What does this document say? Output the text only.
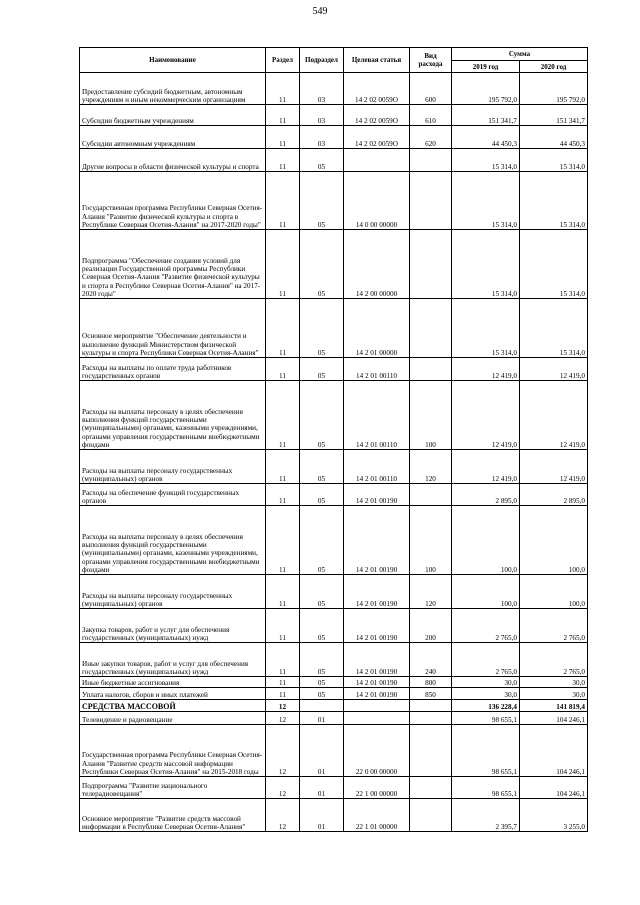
549
Наименование	Раздел	Подраздел	Целевая статья	Вид расхода	Сумма	
					2019 год	2020 год
Предоставление субсидий бюджетным, автономным учреждениям и иным некоммерческим организациям	11	03	14 2 02 0059О	600	195 792,0	195 792,0
Субсидии бюджетным учреждениям	11	03	14 2 02 0059О	610	151 341,7	151 341,7
Субсидии автономным учреждениям	11	03	14 2 02 0059О	620	44 450,3	44 450,3
Другие вопросы в области физической культуры и спорта	11	05			15 314,0	15 314,0
Государственная программа Республики Северная Осетия-Алания "Развитие физической культуры и спорта в Республике Северная Осетия-Алания" на 2017-2020 годы"	11	05	14 0 00 00000		15 314,0	15 314,0
Подпрограмма "Обеспечение создания условий для реализации Государственной программы Республики Северная Осетия-Алания "Развитие физической культуры и спорта в Республике Северная Осетия-Алания" на 2017-2020 годы"	11	05	14 2 00 00000		15 314,0	15 314,0
Основное мероприятие "Обеспечение деятельности и выполнение функций Министерством физической культуры и спорта Республики Северная Осетия-Алания"	11	05	14 2 01 00000		15 314,0	15 314,0
Расходы на выплаты по оплате труда работников государственных органов	11	05	14 2 01 00110		12 419,0	12 419,0
Расходы на выплаты персоналу в целях обеспечения выполнения функций государственными (муниципальными) органами, казенными учреждениями, органами управления государственными внебюджетными фондами	11	05	14 2 01 00110	100	12 419,0	12 419,0
Расходы на выплаты персоналу государственных (муниципальных) органов	11	05	14 2 01 00110	120	12 419,0	12 419,0
Расходы на обеспечение функций государственных органов	11	05	14 2 01 00190		2 895,0	2 895,0
Расходы на выплаты персоналу в целях обеспечения выполнения функций государственными (муниципальными) органами, казенными учреждениями, органами управления государственными внебюджетными фондами	11	05	14 2 01 00190	100	100,0	100,0
Расходы на выплаты персоналу государственных (муниципальных) органов	11	05	14 2 01 00190	120	100,0	100,0
Закупка товаров, работ и услуг для обеспечения государственных (муниципальных) нужд	11	05	14 2 01 00190	200	2 765,0	2 765,0
Иные закупки товаров, работ и услуг для обеспечения государственных (муниципальных) нужд	11	05	14 2 01 00190	240	2 765,0	2 765,0
Иные бюджетные ассигнования	11	05	14 2 01 00190	800	30,0	30,0
Уплата налогов, сборов и иных платежей	11	05	14 2 01 00190	850	30,0	30,0
СРЕДСТВА МАССОВОЙ	12				136 228,4	141 819,4
Телевидение и радиовещание	12	01			98 655,1	104 246,1
Государственная программа Республики Северная Осетия-Алания "Развитие средств массовой информации Республики Северная Осетия-Алания" на 2015-2018 годы	12	01	22 0 00 00000		98 655,1	104 246,1
Подпрограмма "Развитие национального телерадиовещания"	12	01	22 1 00 00000		98 655,1	104 246,1
Основное мероприятие "Развитие средств массовой информации в Республике Северная Осетия-Алания"	12	01	22 1 01 00000		2 395,7	3 255,0
